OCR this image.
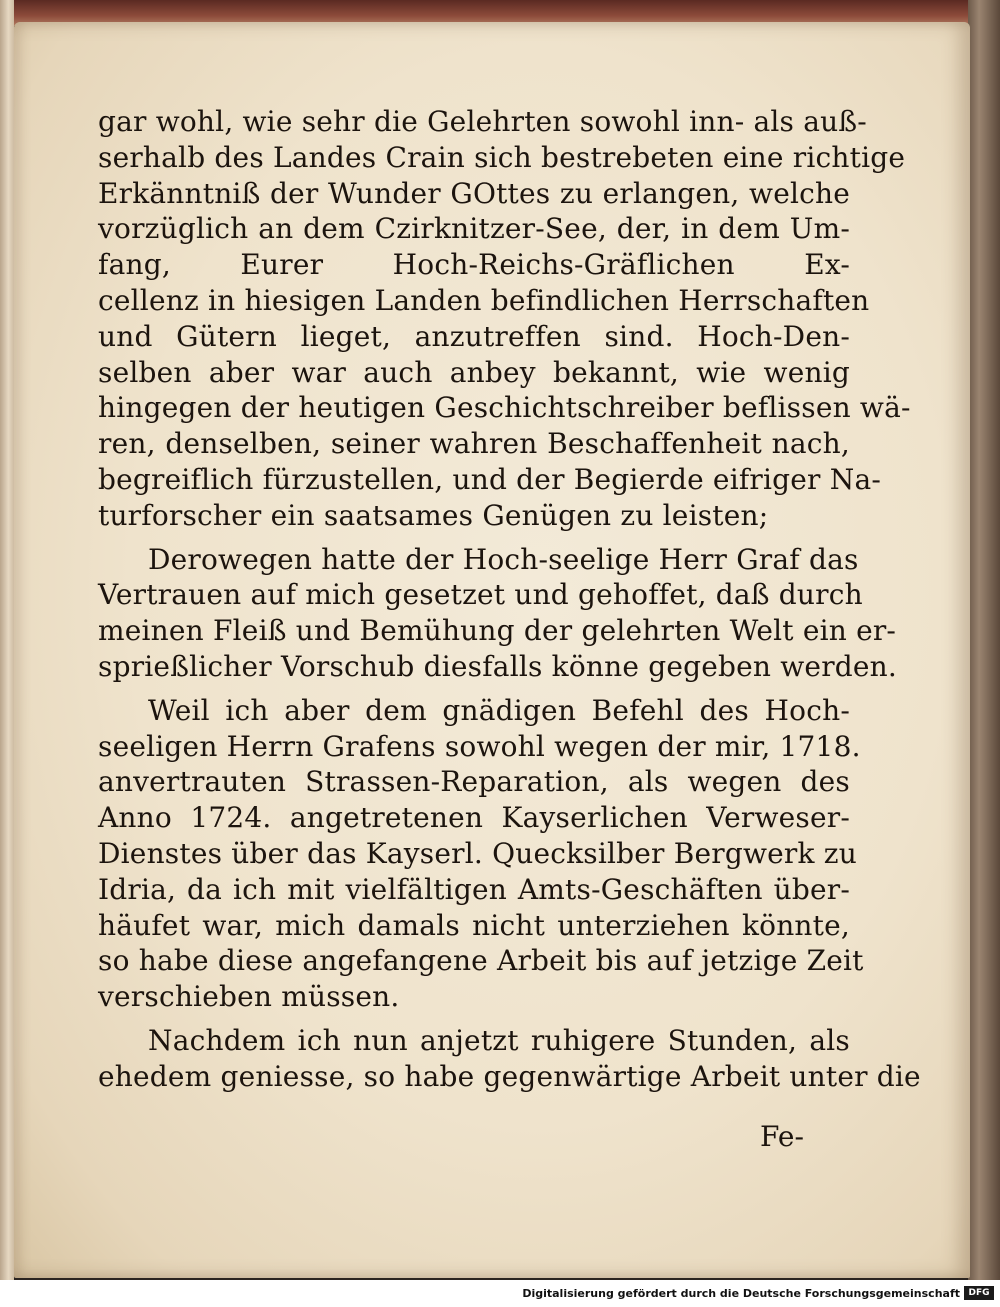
gar wohl, wie sehr die Gelehrten sowohl inn- als auß-
serhalb des Landes Crain sich bestrebeten eine richtige
Erkänntniß der Wunder GOttes zu erlangen, welche
vorzüglich an dem Czirknitzer-See, der, in dem Um-
fang, Eurer Hoch-Reichs-Gräflichen Ex-
cellenz in hiesigen Landen befindlichen Herrschaften
und Gütern lieget, anzutreffen sind. Hoch-Den-
selben aber war auch anbey bekannt, wie wenig
hingegen der heutigen Geschichtschreiber beflissen wä-
ren, denselben, seiner wahren Beschaffenheit nach,
begreiflich fürzustellen, und der Begierde eifriger Na-
turforscher ein saatsames Genügen zu leisten;
Derowegen hatte der Hoch-seelige Herr Graf das
Vertrauen auf mich gesetzet und gehoffet, daß durch
meinen Fleiß und Bemühung der gelehrten Welt ein er-
sprießlicher Vorschub diesfalls könne gegeben werden.
Weil ich aber dem gnädigen Befehl des Hoch-
seeligen Herrn Grafens sowohl wegen der mir, 1718.
anvertrauten Strassen-Reparation, als wegen des
Anno 1724. angetretenen Kayserlichen Verweser-
Dienstes über das Kayserl. Quecksilber Bergwerk zu
Idria, da ich mit vielfältigen Amts-Geschäften über-
häufet war, mich damals nicht unterziehen könnte,
so habe diese angefangene Arbeit bis auf jetzige Zeit
verschieben müssen.
Nachdem ich nun anjetzt ruhigere Stunden, als
ehedem geniesse, so habe gegenwärtige Arbeit unter die
Fe-
Digitalisierung gefördert durch die Deutsche Forschungsgemeinschaft DFG
